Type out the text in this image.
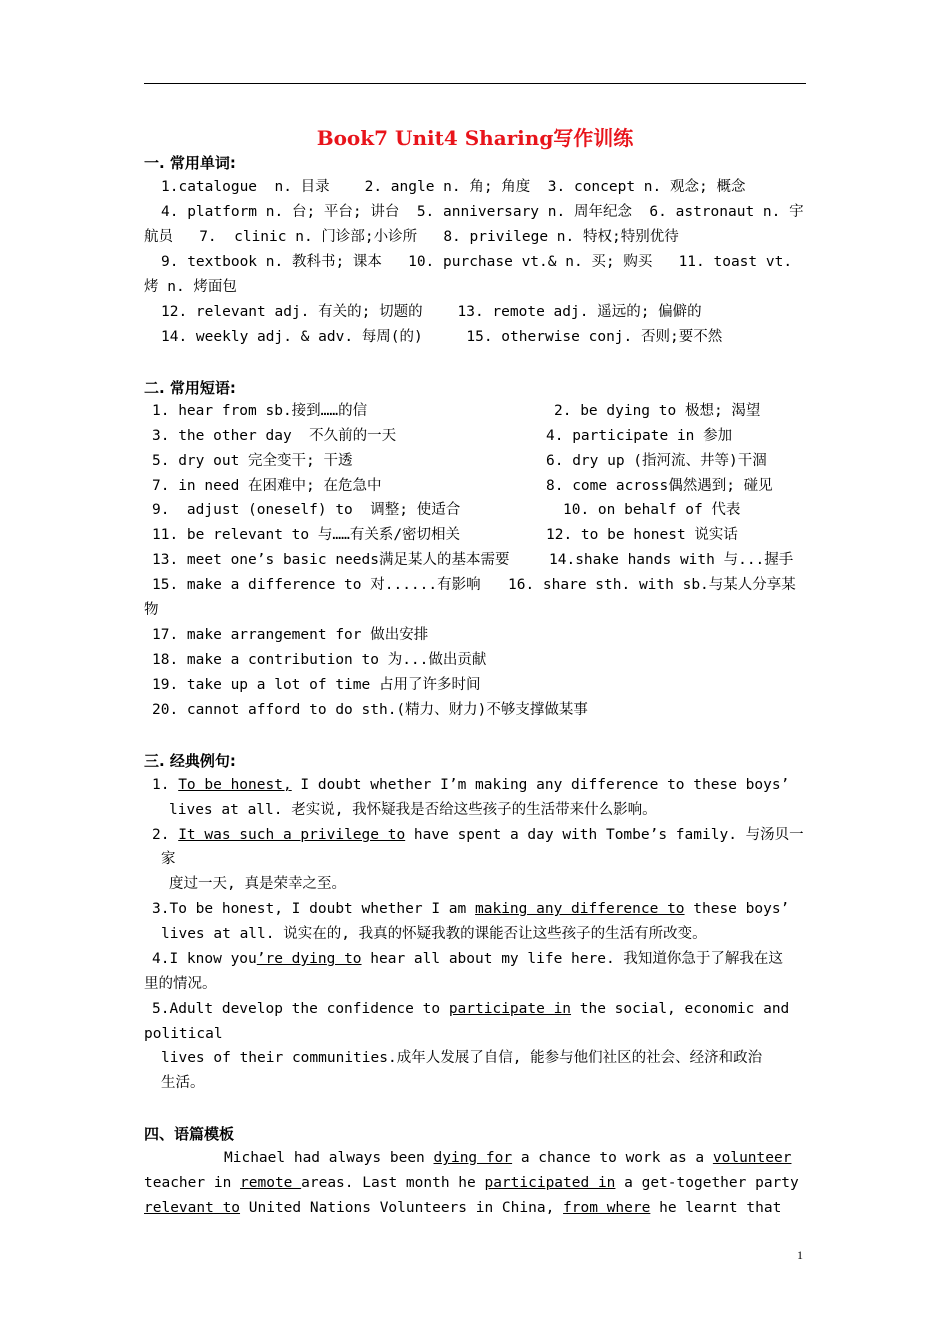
Book7 Unit4 Sharing写作训练
一. 常用单词:
1.catalogue  n. 目录    2. angle n. 角; 角度  3. concept n. 观念; 概念
4. platform n. 台; 平台; 讲台  5. anniversary n. 周年纪念  6. astronaut n. 宇
航员   7.  clinic n. 门诊部;小诊所   8. privilege n. 特权;特别优待
9. textbook n. 教科书; 课本   10. purchase vt.& n. 买; 购买   11. toast vt.
烤 n. 烤面包
12. relevant adj. 有关的; 切题的    13. remote adj. 遥远的; 偏僻的
14. weekly adj. & adv. 每周(的)     15. otherwise conj. 否则;要不然
二. 常用短语:
1. hear from sb.接到……的信	2. be dying to 极想; 渴望
3. the other day  不久前的一天	4. participate in 参加
5. dry out 完全变干; 干透	6. dry up (指河流、井等)干涸
7. in need 在困难中; 在危急中	8. come across偶然遇到; 碰见
9.  adjust (oneself) to  调整; 使适合	10. on behalf of 代表
11. be relevant to 与……有关系/密切相关	12. to be honest 说实话
13. meet one’s basic needs满足某人的基本需要	14.shake hands with 与...握手
15. make a difference to 对......有影响 16. share sth. with sb.与某人分享某
物
17. make arrangement for 做出安排
18. make a contribution to 为...做出贡献
19. take up a lot of time 占用了许多时间
20. cannot afford to do sth.(精力、财力)不够支撑做某事
三. 经典例句:
1. To be honest, I doubt whether I’m making any difference to these boys’
lives at all. 老实说, 我怀疑我是否给这些孩子的生活带来什么影响。
2. It was such a privilege to have spent a day with Tombe’s family. 与汤贝一
家
度过一天, 真是荣幸之至。
3.To be honest, I doubt whether I am making any difference to these boys’
lives at all. 说实在的, 我真的怀疑我教的课能否让这些孩子的生活有所改变。
4.I know you’re dying to hear all about my life here. 我知道你急于了解我在这
里的情况。
5.Adult develop the confidence to participate in the social, economic and
political
lives of their communities.成年人发展了自信, 能参与他们社区的社会、经济和政治
生活。
四、语篇模板
Michael had always been dying for a chance to work as a volunteer
teacher in remote areas. Last month he participated in a get-together party
relevant to United Nations Volunteers in China, from where he learnt that
1
